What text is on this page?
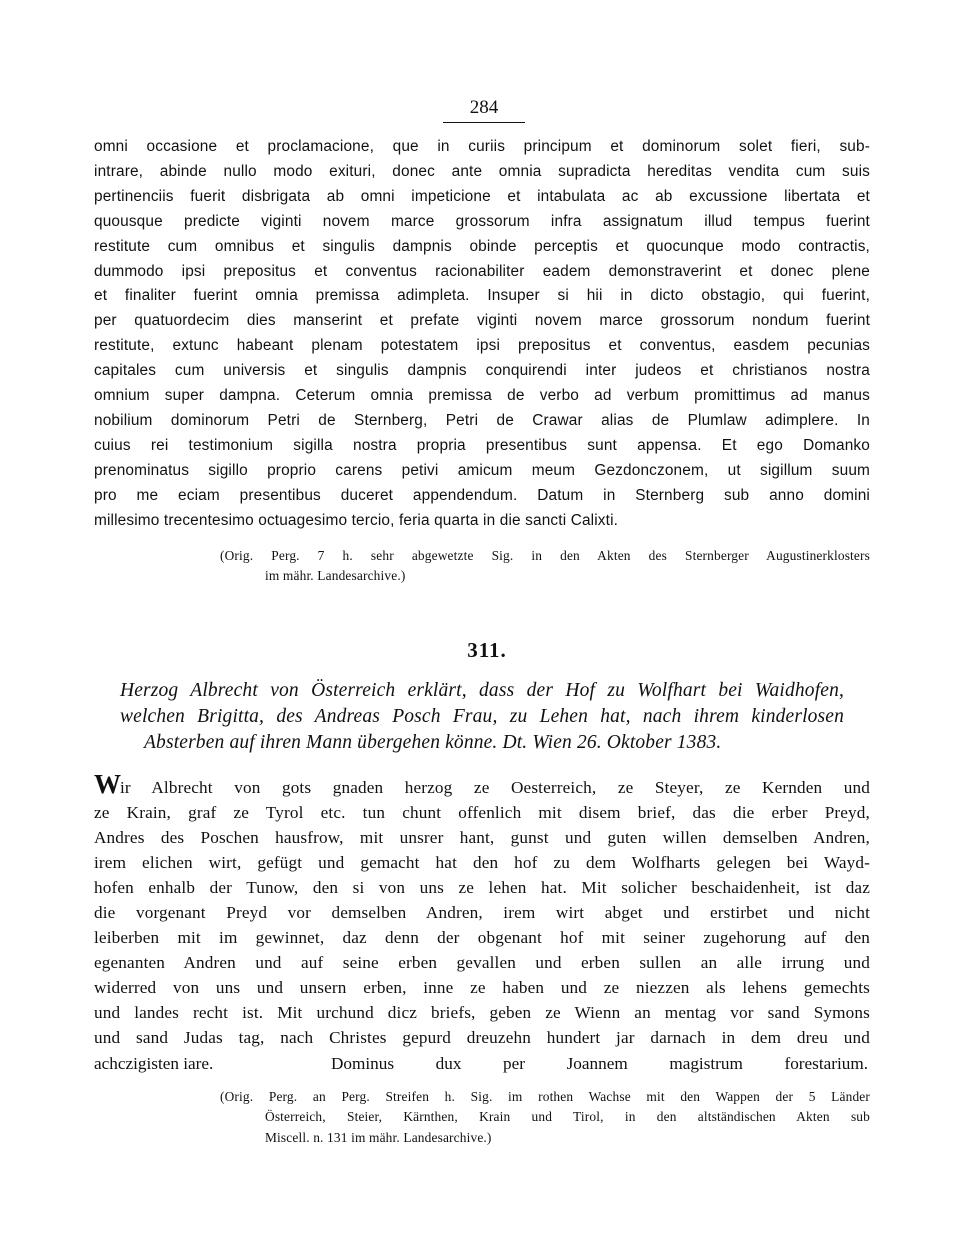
284
omni occasione et proclamacione, que in curiis principum et dominorum solet fieri, sub-
intrare, abinde nullo modo exituri, donec ante omnia supradicta hereditas vendita cum suis
pertinenciis fuerit disbrigata ab omni impeticione et intabulata ac ab excussione libertata et
quousque predicte viginti novem marce grossorum infra assignatum illud tempus fuerint
restitute cum omnibus et singulis dampnis obinde perceptis et quocunque modo contractis,
dummodo ipsi prepositus et conventus racionabiliter eadem demonstraverint et donec plene
et finaliter fuerint omnia premissa adimpleta. Insuper si hii in dicto obstagio, qui fuerint,
per quatuordecim dies manserint et prefate viginti novem marce grossorum nondum fuerint
restitute, extunc habeant plenam potestatem ipsi prepositus et conventus, easdem pecunias
capitales cum universis et singulis dampnis conquirendi inter judeos et christianos nostra
omnium super dampna. Ceterum omnia premissa de verbo ad verbum promittimus ad manus
nobilium dominorum Petri de Sternberg, Petri de Crawar alias de Plumlaw adimplere. In
cuius rei testimonium sigilla nostra propria presentibus sunt appensa. Et ego Domanko
prenominatus sigillo proprio carens petivi amicum meum Gezdonczonem, ut sigillum suum
pro me eciam presentibus duceret appendendum. Datum in Sternberg sub anno domini
millesimo trecentesimo octuagesimo tercio, feria quarta in die sancti Calixti.
(Orig. Perg. 7 h. sehr abgewetzte Sig. in den Akten des Sternberger Augustinerklosters
im mähr. Landesarchive.)
311.
Herzog Albrecht von Österreich erklärt, dass der Hof zu Wolfhart bei Waidhofen,
welchen Brigitta, des Andreas Posch Frau, zu Lehen hat, nach ihrem kinderlosen
Absterben auf ihren Mann übergehen könne. Dt. Wien 26. Oktober 1383.
Wir Albrecht von gots gnaden herzog ze Oesterreich, ze Steyer, ze Kernden und
ze Krain, graf ze Tyrol etc. tun chunt offenlich mit disem brief, das die erber Preyd,
Andres des Poschen hausfrow, mit unsrer hant, gunst und guten willen demselben Andren,
irem elichen wirt, gefügt und gemacht hat den hof zu dem Wolfharts gelegen bei Wayd-
hofen enhalb der Tunow, den si von uns ze lehen hat. Mit solicher beschaidenheit, ist daz
die vorgenant Preyd vor demselben Andren, irem wirt abget und erstirbet und nicht
leiberben mit im gewinnet, daz denn der obgenant hof mit seiner zugehorung auf den
egenanten Andren und auf seine erben gevallen und erben sullen an alle irrung und
widerred von uns und unsern erben, inne ze haben und ze niezzen als lehens gemechts
und landes recht ist. Mit urchund dicz briefs, geben ze Wienn an mentag vor sand Symons
und sand Judas tag, nach Christes gepurd dreuzehn hundert jar darnach in dem dreu und
achczigisten iare.	Dominus dux per Joannem magistrum forestarium.
(Orig. Perg. an Perg. Streifen h. Sig. im rothen Wachse mit den Wappen der 5 Länder
Österreich, Steier, Kärnthen, Krain und Tirol, in den altständischen Akten sub
Miscell. n. 131 im mähr. Landesarchive.)
